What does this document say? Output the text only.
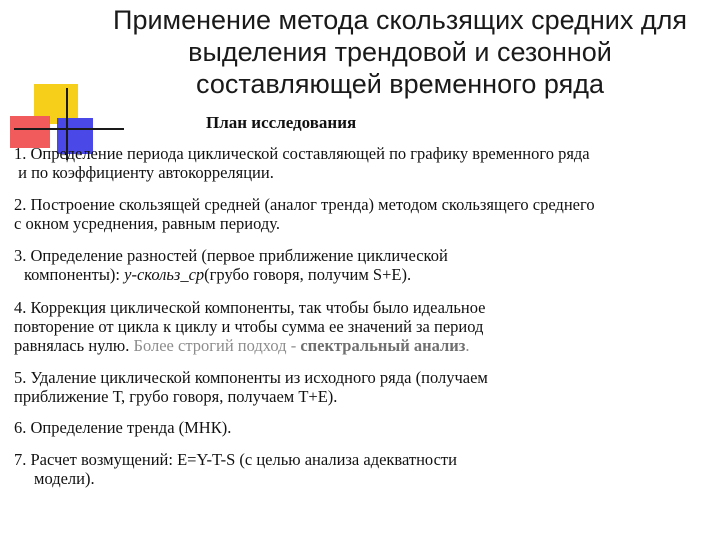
Применение метода скользящих средних для
выделения трендовой и сезонной
составляющей временного ряда
План исследования
1. Определение периода циклической составляющей по графику временного ряда
и по коэффициенту автокорреляции.
2. Построение скользящей средней (аналог тренда) методом скользящего среднего
с окном усреднения, равным периоду.
3. Определение разностей (первое приближение циклической
компоненты): y-скольз_ср(грубо говоря, получим S+E).
4. Коррекция циклической компоненты, так чтобы было идеальное
повторение от цикла к циклу и чтобы сумма ее значений за период
равнялась нулю. Более строгий подход - спектральный анализ.
5. Удаление циклической компоненты из исходного ряда (получаем
приближение Т, грубо говоря, получаем Т+Е).
6. Определение тренда (МНК).
7. Расчет возмущений: E=Y-T-S (с целью анализа адекватности
модели).
